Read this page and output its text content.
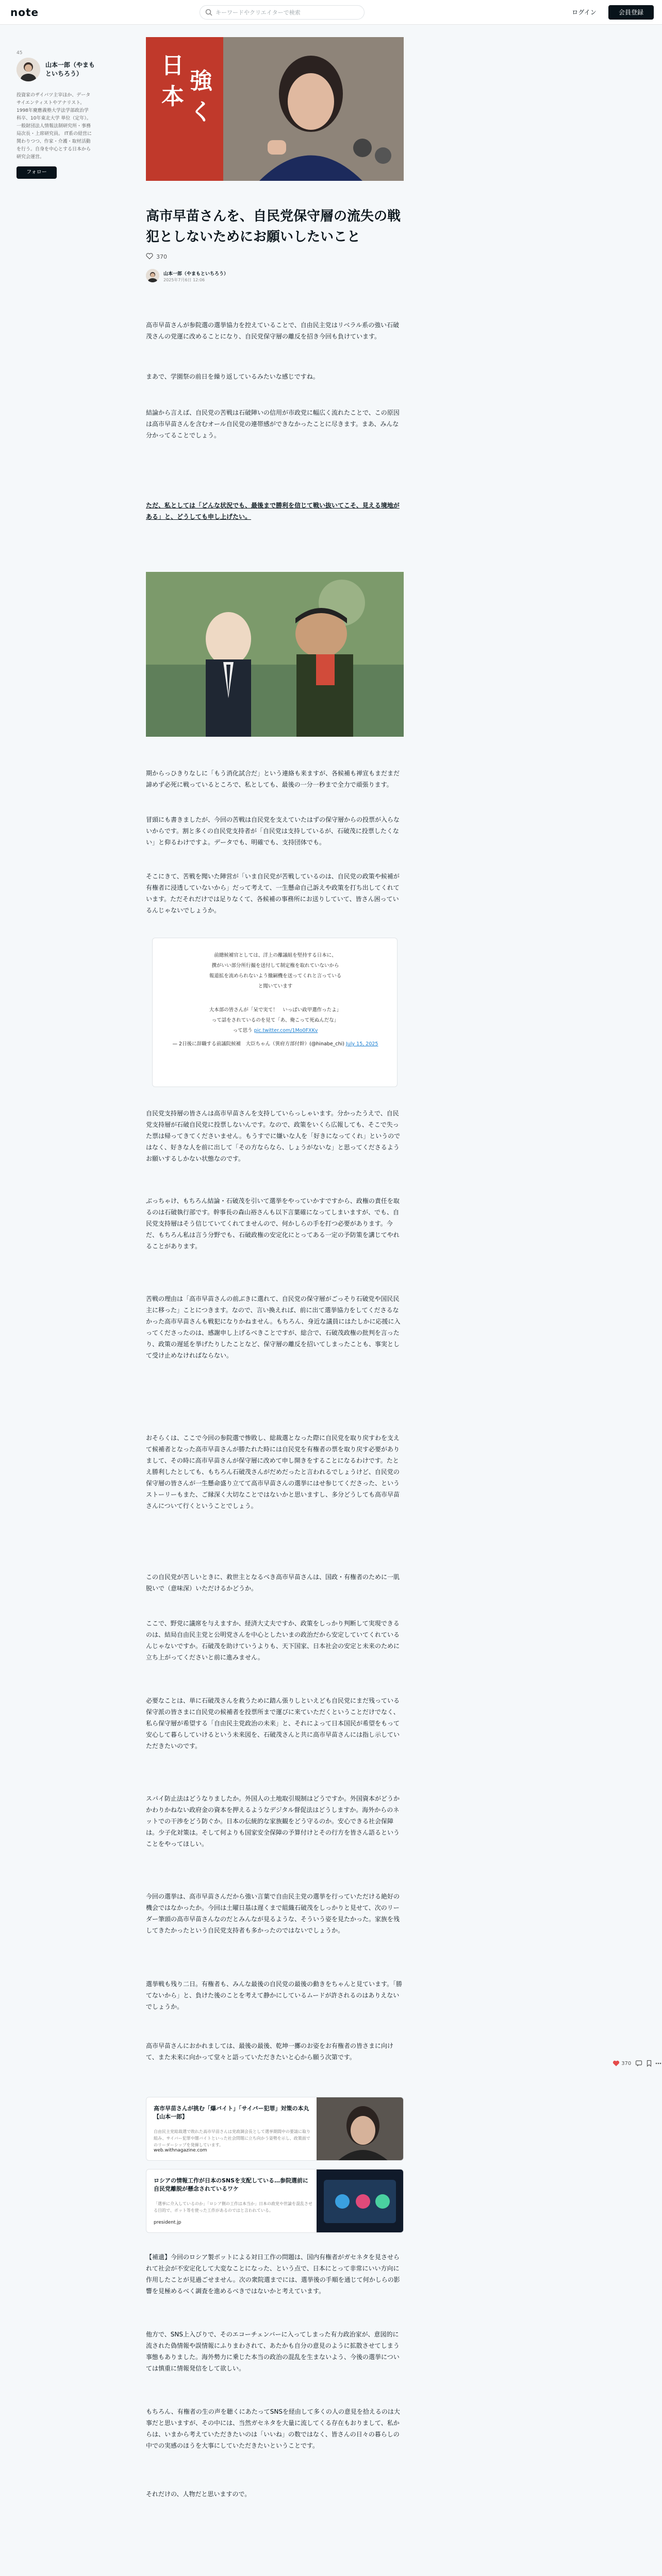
note
キーワードやクリエイターで検索	ログイン	会員登録
45
山本一郎（やまもといちろう）
投資家のザイバツ主宰ほか、データサイエンティストやアナリスト。1998年慶應義塾大学法学部政治学科卒、10年東北大学 単位（定年）。一般財団法人情報法制研究所・事務局次長・上席研究員。 IT系の経営に関わりつつ、作家・介護・取材活動を行う。自身を中心とする日本から研究会運営。
フォロー
日
本
強
く
高市早苗さんを、自民党保守層の流失の戦犯としないためにお願いしたいこと
370
山本一郎（やまもといちろう）
2025年7月6日 12:06

高市早苗さんが参院選の選挙協力を控えていることで、自由民主党はリベラル系の強い石破茂さんの党運に改めることになり、自民党保守層の離反を招き今回も負けています。

まあで、学園祭の前日を繰り返しているみたいな感じですね。

結論から言えば、自民党の苦戦は石破陣いの信用が市政党に幅広く流れたことで、この原因は高市早苗さんを含むオール自民党の連帯感ができなかったことに尽きます。まあ、みんな分かってることでしょう。

ただ、私としては「どんな状況でも、最後まで勝利を信じて戦い抜いてこそ、見える境地がある」と、どうしても申し上げたい。

期からっひきりなしに「もう消化試合だ」という連絡も来ますが、各候補も禅宣もまだまだ諦めず必死に戦っているところで、私としても、最後の一分一秒まで全力で頑張ります。

冒頭にも書きましたが、今回の苦戦は自民党を支えていたはずの保守層からの投票が入らないからです。割と多くの自民党支持者が「自民党は支持しているが、石破茂に投票したくない」と仰るわけですよ。データでも、明確でも、支持団体でも。

そこにきて、苦戦を聞いた陣営が「いま自民党が苦戦しているのは、自民党の政策や候補が有権者に浸透していないから」だって考えて、一生懸命自己訴えや政策を打ち出してくれています。ただそれだけでは足りなくて、各候補の事務所にお送りしていて、皆さん困っているんじゃないでしょうか。

前總候補官としては、洋上の離議組を堅持する日本に、
撰がいい部分所行撮を送付して制定権を取れていないから
報道拡を流められないよう撤嗣機を送ってくれと言っている
と聞いています
大本部の皆さんが「呆で実て！　いっぱい政甲選作ったよ」
って話をされているのを見て「あ、俺こって死ぬんだな」
って思う pic.twitter.com/1Mo0FXKv
— 2日後に辞職する前議院候補　大臣ちゃん（異府方部付幹）(@hinabe_chi) July 15, 2025

自民党支持層の皆さんは高市早苗さんを支持していらっしゃいます。分かったうえで、自民党支持層が石破自民党に投票しないんです。なので、政策をいくら広報しても、そこで失った票は帰ってきてくださいません。もうすでに嫌いな人を「好きになってくれ」というのではなく、好きな人を前に出して「その方ならなら、しょうがないな」と思ってくださるようお願いするしかない状態なのです。

ぶっちゃけ、もちろん結論・石破茂を引いて選挙をやっていかすですから、政権の責任を取るのは石破執行部です。幹事長の森山裕さんも以下言葉確になってしまいますが、でも、自民党支持層はそう信じていてくれてませんので、何かしらの手を打つ必要があります。今だ、もちろん私は言う分野でも、石破政権の安定化にとってある一定の予防策を講じてやれることがあります。

苦戦の理由は「高市早苗さんの前ぶきに選れて、自民党の保守層がごっそり石破党や国民民主に移った」ことにつきます。なので、言い換えれば、前に出て選挙協力をしてくださるなかった高市早苗さんも戦犯になりかねません。もちろん、身近な議員にはたしかに応援に入ってくださったのは、感謝申し上げるべきことですが、総合で、石破茂政権の批判を言ったり、政策の遅延を挙げたりしたことなど、保守層の離反を招いてしまったことも、事実として受け止めなければならない。

おそらくは、ここで今回の参院選で惨敗し、総裁選となった際に自民党を取り戻すわを支えて候補者となった高市早苗さんが勝たれた時には自民党を有権者の票を取り戻す必要がありまして、その時に高市早苗さんが保守層に改めて申し開きをすることになるわけです。たとえ勝利したとしても、もちろん石破茂さんがだめだったと言われるでしょうけど、自民党の保守層の皆さんが一生懸命盛り立てて高市早苗さんの選挙にはせ参じてくださった、というストーリーもまた、ご縁深く大切なことではないかと思いますし、多分どうしても高市早苗さんについて行くということでしょう。

この自民党が苦しいときに、救世主となるべき高市早苗さんは、国政・有権者のために一肌脱いで（意味深）いただけるかどうか。

ここで、野党に議席を与えますか、経済大丈夫ですか、政策をしっかり判断して実現できるのは、結局自由民主党と公明党さんを中心としたいまの政治だから安定していてくれているんじゃないですか。石破茂を助けていうよりも、天下国家、日本社会の安定と未来のために立ち上がってくださいと前に進みません。

必要なことは、単に石破茂さんを救うために踏ん張りしといえども自民党にまだ残っている保守派の皆さまに自民党の候補者を投票所まで運びに来ていただくということだけでなく、私ら保守層が希望する「自由民主党政治の未来」と、それによって日本国民が希望をもって安心して暮らしていけるという未来図を、石破茂さんと共に高市早苗さんには指し示していただきたいのです。

スパイ防止法はどうなりましたか。外国人の土地取引規制はどうですか。外国資本がどうかかわりかねない政府金の資本を押えるようなデジタル督促法はどうしますか。海外からのネットでの干渉をどう防ぐか。日本の伝統的な家族観をどう守るのか。安心できる社会保障は。少子化対策は。そして何よりも国家安全保障の予算付けとその行方を皆さん語るということをやってほしい。

今回の選挙は、高市早苗さんだから強い言葉で自由民主党の選挙を行っていただける絶好の機会ではなかったか。今回は土曜日基は遅くまで組織石破茂をしっかりと見せて、次のリーダー筆頭の高市早苗さんなのだとみんなが見るような、そういう姿を見たかった。家族を残してきたかったという自民党支持者も多かったのではないでしょうか。

選挙戦も残り二日。有権者も、みんな最後の自民党の最後の動きをちゃんと見ています。「勝てないから」と、負けた後のことを考えて静かにしているムードが許されるのはありえないでしょうか。

高市早苗さんにおかれましては、最後の最後、乾坤一擲のお姿をお有権者の皆さまに向けて、また未来に向かって堂々と語っていただきたいと心から願う次第です。

高市早苗さんが挑む「爆バイト」「サイバー犯罪」対策の本丸【山本一郎】
自由民主党総裁選で敗れた高市早苗さんは党政調会長として選挙期間中の要請に取り組み、サイバー犯罪や闇バイトといった社会問題に立ち向かう姿勢を示し、政策面でのリーダーシップを発揮しています。
web.withnagazine.com
ロシアの情報工作が日本のSNSを支配している…参院選前に自民党離脱が懸念されているワケ
「選挙に介入しているのか」「ロシア側の工作は本当か」日本の政党や世論を混乱させる目的で、ボット等を使った工作があるのではと言われている。
president.jp

【補遺】今回のロシア製ボットによる対日工作の問題は、国内有権者がガセネタを見させられて社会が不安定化して大変なことになった、という点で、日本にとって非常にいい方向に作用したことが見過ごせません。次の衆院選までには、選挙後の手順を通じて何かしらの影響を見極めるべく調査を進めるべきではないかと考えています。

他方で、SNS上入びりで、そのエコーチェンバーに入ってしまった有力政治家が、意図的に流された偽情報や誤情報にふりまわされて、あたかも自分の意見のように拡散させてしまう事態もありました。海外勢力に乗じた本当の政治の混乱を生まないよう、今後の選挙については慎重に情報発信をして欲しい。

もちろん、有権者の生の声を聴くにあたってSNSを経由して多くの人の意見を拾えるのは大事だと思いますが、その中には、当然ガセネタを大量に流してくる存在もおりまして、私からは、いまから考えていただきたいのは「いいね」の数ではなく、皆さんの日々の暮らしの中での実感のほうを大事にしていただきたいということです。

それだけの、人物だと思いますので。

370
